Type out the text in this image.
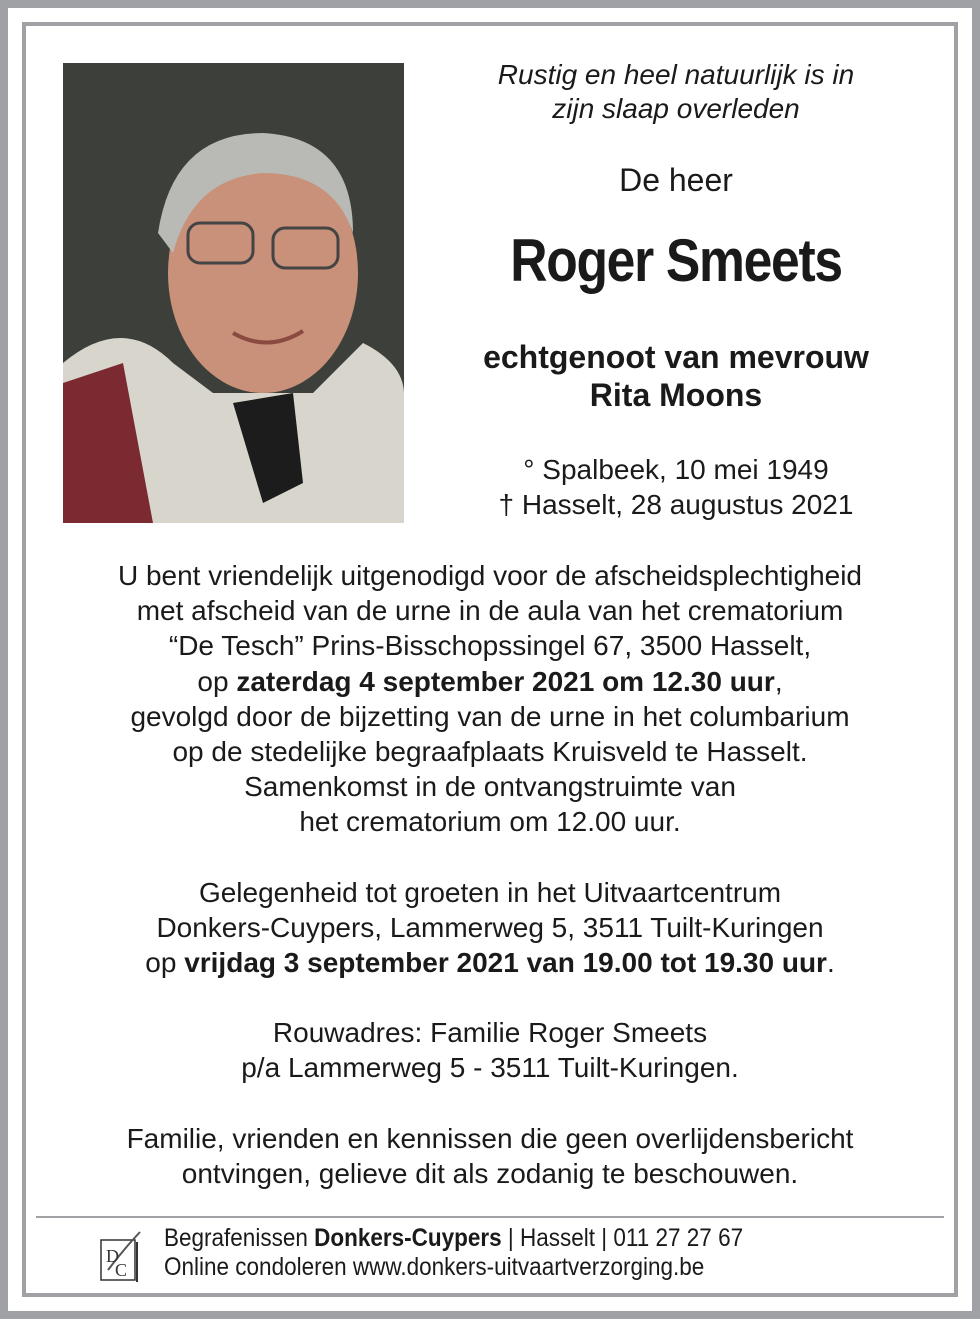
Rustig en heel natuurlijk is in
zijn slaap overleden
De heer
Roger Smeets
echtgenoot van mevrouw
Rita Moons
° Spalbeek, 10 mei 1949
† Hasselt, 28 augustus 2021

U bent vriendelijk uitgenodigd voor de afscheidsplechtigheid
met afscheid van de urne in de aula van het crematorium
“De Tesch” Prins-Bisschopssingel 67, 3500 Hasselt,
op zaterdag 4 september 2021 om 12.30 uur,
gevolgd door de bijzetting van de urne in het columbarium
op de stedelijke begraafplaats Kruisveld te Hasselt.
Samenkomst in de ontvangstruimte van
het crematorium om 12.00 uur.

Gelegenheid tot groeten in het Uitvaartcentrum
Donkers-Cuypers, Lammerweg 5, 3511 Tuilt-Kuringen
op vrijdag 3 september 2021 van 19.00 tot 19.30 uur.

Rouwadres: Familie Roger Smeets
p/a Lammerweg 5 - 3511 Tuilt-Kuringen.

Familie, vrienden en kennissen die geen overlijdensbericht
ontvingen, gelieve dit als zodanig te beschouwen.

D
C
Begrafenissen Donkers-Cuypers | Hasselt | 011 27 27 67
Online condoleren www.donkers-uitvaartverzorging.be
